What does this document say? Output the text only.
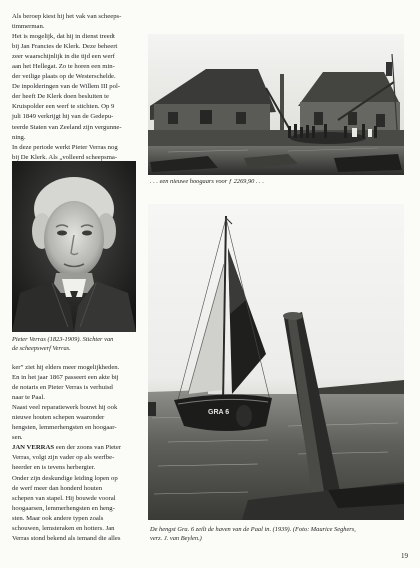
Als beroep kiest hij het vak van scheeps-
timmerman.
Het is mogelijk, dat hij in dienst treedt
bij Jan Francies de Klerk. Deze beheert
zeer waarschijnlijk in die tijd een werf
aan het Hellegat. Zo te horen een min-
der veilige plaats op de Westerschelde.
De inpolderingen van de Willem III pol-
der heeft De Klerk doen besluiten te
Kruispolder een werf te stichten. Op 9
juli 1849 verkrijgt hij van de Gedepu-
teerde Staten van Zeeland zijn vergunne-
ning.
In deze periode werkt Pieter Verras nog
bij De Klerk. Als „volleerd scheepsma-
. . . een nieuwe hoogaars voor ƒ 2269,90 . . .
Pieter Verras (1823-1909). Stichter van
de scheepswerf Verras.
ker” ziet hij elders meer mogelijkheden.
En in het jaar 1867 passeert een akte bij
de notaris en Pieter Verras is verhuisd
naar te Paal.
Naast veel reparatiewerk bouwt hij ook
nieuwe houten schepen waaronder
hengsten, lemmerhengsten en hoogaar-
sen.
JAN VERRAS een der zoons van Pieter
Verras, volgt zijn vader op als werfbe-
heerder en is tevens herbergier.
Onder zijn deskundige leiding lopen op
de werf meer dan honderd houten
schepen van stapel. Hij bouwde vooral
hoogaarsen, lemmerhengsten en heng-
sten. Maar ook andere typen zoals
schouwen, lemsteraken en hotters. Jan
Verras stond bekend als iemand die alles
GRA 6
De hengst Gra. 6 zeilt de haven van de Paal in. (1939). (Foto: Maurice Seghers,
verz. J. van Beylen.)
19
